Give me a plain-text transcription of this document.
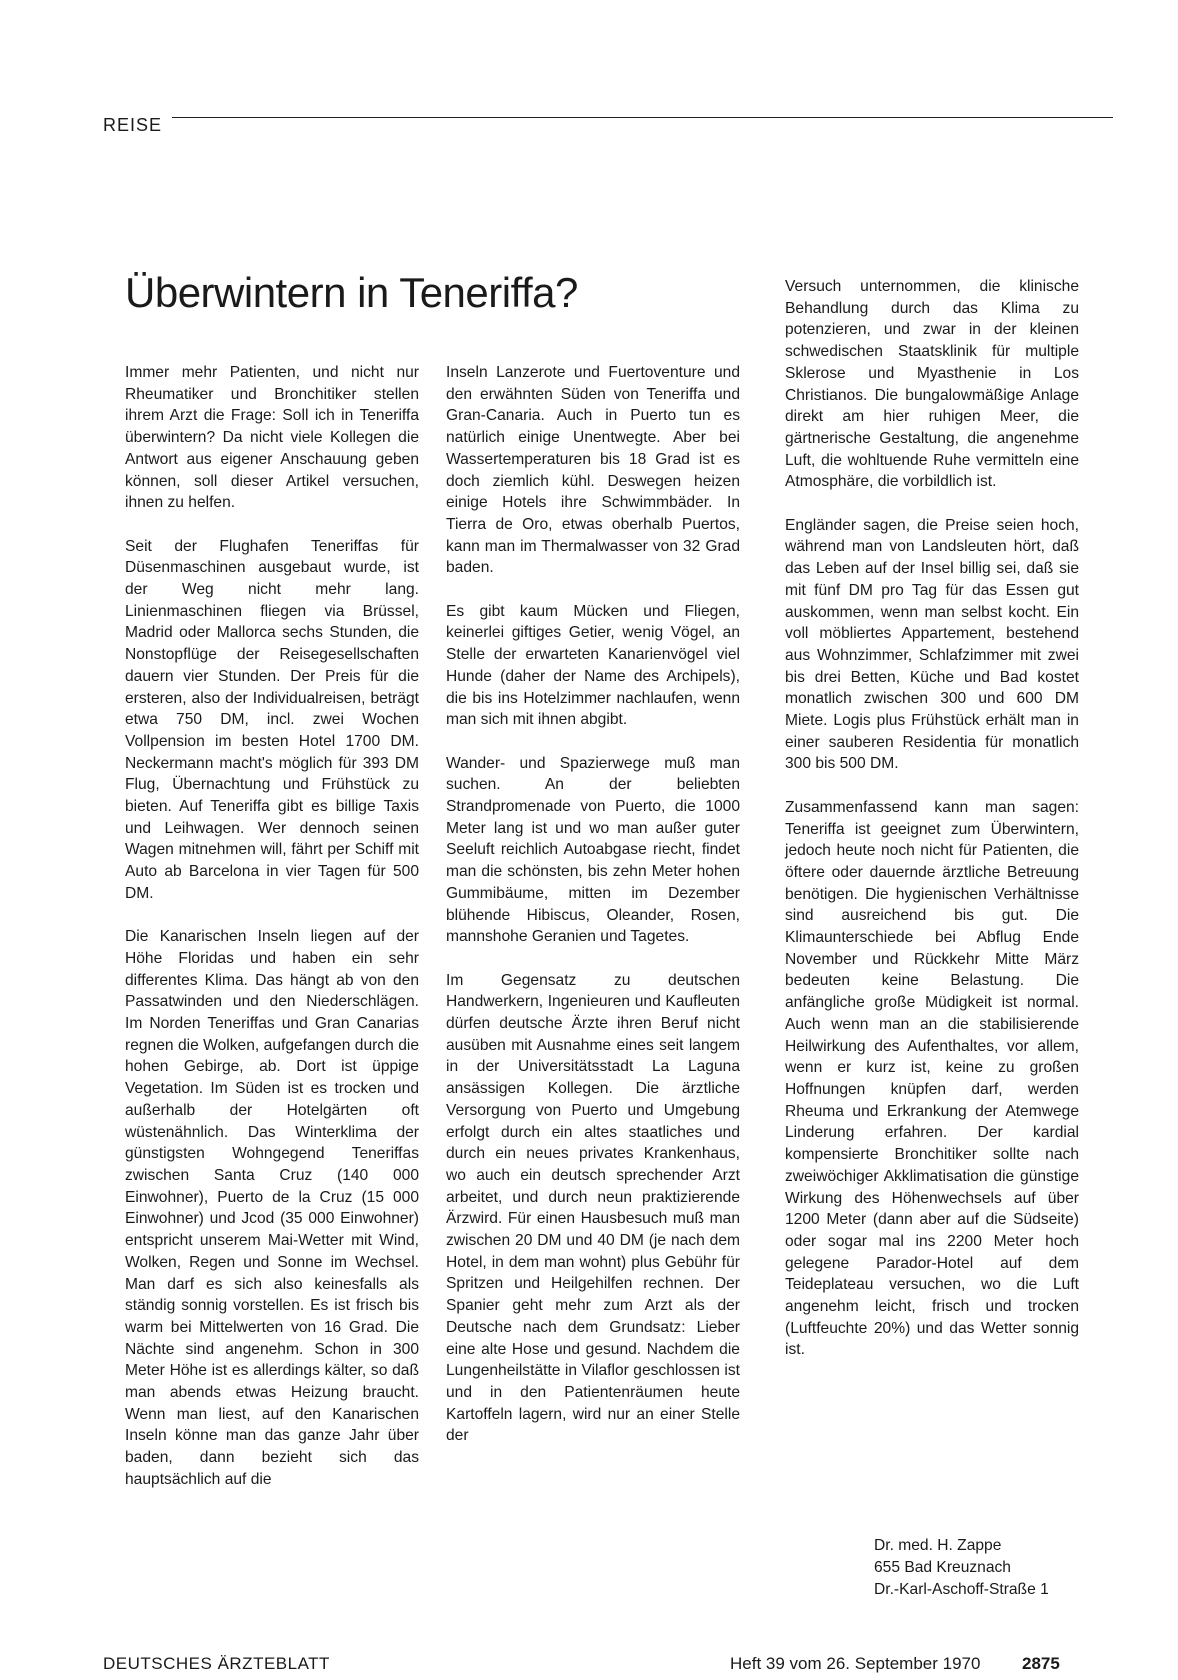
REISE
Überwintern in Teneriffa?

Immer mehr Patienten, und nicht nur Rheumatiker und Bronchitiker stellen ihrem Arzt die Frage: Soll ich in Teneriffa überwintern? Da nicht viele Kollegen die Antwort aus eigener Anschauung geben können, soll dieser Artikel versuchen, ihnen zu helfen.

Seit der Flughafen Teneriffas für Düsenmaschinen ausgebaut wurde, ist der Weg nicht mehr lang. Linienmaschinen fliegen via Brüssel, Madrid oder Mallorca sechs Stunden, die Nonstopflüge der Reisegesellschaften dauern vier Stunden. Der Preis für die ersteren, also der Individualreisen, beträgt etwa 750 DM, incl. zwei Wochen Vollpension im besten Hotel 1700 DM. Neckermann macht's möglich für 393 DM Flug, Übernachtung und Frühstück zu bieten. Auf Teneriffa gibt es billige Taxis und Leihwagen. Wer dennoch seinen Wagen mitnehmen will, fährt per Schiff mit Auto ab Barcelona in vier Tagen für 500 DM.

Die Kanarischen Inseln liegen auf der Höhe Floridas und haben ein sehr differentes Klima. Das hängt ab von den Passatwinden und den Niederschlägen. Im Norden Teneriffas und Gran Canarias regnen die Wolken, aufgefangen durch die hohen Gebirge, ab. Dort ist üppige Vegetation. Im Süden ist es trocken und außerhalb der Hotelgärten oft wüstenähnlich. Das Winterklima der günstigsten Wohngegend Teneriffas zwischen Santa Cruz (140 000 Einwohner), Puerto de la Cruz (15 000 Einwohner) und Jcod (35 000 Einwohner) entspricht unserem Mai-Wetter mit Wind, Wolken, Regen und Sonne im Wechsel. Man darf es sich also keinesfalls als ständig sonnig vorstellen. Es ist frisch bis warm bei Mittelwerten von 16 Grad. Die Nächte sind angenehm. Schon in 300 Meter Höhe ist es allerdings kälter, so daß man abends etwas Heizung braucht. Wenn man liest, auf den Kanarischen Inseln könne man das ganze Jahr über baden, dann bezieht sich das hauptsächlich auf die

Inseln Lanzerote und Fuertoventure und den erwähnten Süden von Teneriffa und Gran-Canaria. Auch in Puerto tun es natürlich einige Unentwegte. Aber bei Wassertemperaturen bis 18 Grad ist es doch ziemlich kühl. Deswegen heizen einige Hotels ihre Schwimmbäder. In Tierra de Oro, etwas oberhalb Puertos, kann man im Thermalwasser von 32 Grad baden.

Es gibt kaum Mücken und Fliegen, keinerlei giftiges Getier, wenig Vögel, an Stelle der erwarteten Kanarienvögel viel Hunde (daher der Name des Archipels), die bis ins Hotelzimmer nachlaufen, wenn man sich mit ihnen abgibt.

Wander- und Spazierwege muß man suchen. An der beliebten Strandpromenade von Puerto, die 1000 Meter lang ist und wo man außer guter Seeluft reichlich Autoabgase riecht, findet man die schönsten, bis zehn Meter hohen Gummibäume, mitten im Dezember blühende Hibiscus, Oleander, Rosen, mannshohe Geranien und Tagetes.

Im Gegensatz zu deutschen Handwerkern, Ingenieuren und Kaufleuten dürfen deutsche Ärzte ihren Beruf nicht ausüben mit Ausnahme eines seit langem in der Universitätsstadt La Laguna ansässigen Kollegen. Die ärztliche Versorgung von Puerto und Umgebung erfolgt durch ein altes staatliches und durch ein neues privates Krankenhaus, wo auch ein deutsch sprechender Arzt arbeitet, und durch neun praktizierende Ärzwird. Für einen Hausbesuch muß man zwischen 20 DM und 40 DM (je nach dem Hotel, in dem man wohnt) plus Gebühr für Spritzen und Heilgehilfen rechnen. Der Spanier geht mehr zum Arzt als der Deutsche nach dem Grundsatz: Lieber eine alte Hose und gesund. Nachdem die Lungenheilstätte in Vilaflor geschlossen ist und in den Patientenräumen heute Kartoffeln lagern, wird nur an einer Stelle der

Versuch unternommen, die klinische Behandlung durch das Klima zu potenzieren, und zwar in der kleinen schwedischen Staatsklinik für multiple Sklerose und Myasthenie in Los Christianos. Die bungalowmäßige Anlage direkt am hier ruhigen Meer, die gärtnerische Gestaltung, die angenehme Luft, die wohltuende Ruhe vermitteln eine Atmosphäre, die vorbildlich ist.

Engländer sagen, die Preise seien hoch, während man von Landsleuten hört, daß das Leben auf der Insel billig sei, daß sie mit fünf DM pro Tag für das Essen gut auskommen, wenn man selbst kocht. Ein voll möbliertes Appartement, bestehend aus Wohnzimmer, Schlafzimmer mit zwei bis drei Betten, Küche und Bad kostet monatlich zwischen 300 und 600 DM Miete. Logis plus Frühstück erhält man in einer sauberen Residentia für monatlich 300 bis 500 DM.

Zusammenfassend kann man sagen: Teneriffa ist geeignet zum Überwintern, jedoch heute noch nicht für Patienten, die öftere oder dauernde ärztliche Betreuung benötigen. Die hygienischen Verhältnisse sind ausreichend bis gut. Die Klimaunterschiede bei Abflug Ende November und Rückkehr Mitte März bedeuten keine Belastung. Die anfängliche große Müdigkeit ist normal. Auch wenn man an die stabilisierende Heilwirkung des Aufenthaltes, vor allem, wenn er kurz ist, keine zu großen Hoffnungen knüpfen darf, werden Rheuma und Erkrankung der Atemwege Linderung erfahren. Der kardial kompensierte Bronchitiker sollte nach zweiwöchiger Akklimatisation die günstige Wirkung des Höhenwechsels auf über 1200 Meter (dann aber auf die Südseite) oder sogar mal ins 2200 Meter hoch gelegene Parador-Hotel auf dem Teideplateau versuchen, wo die Luft angenehm leicht, frisch und trocken (Luftfeuchte 20%) und das Wetter sonnig ist.

Dr. med. H. Zappe
655 Bad Kreuznach
Dr.-Karl-Aschoff-Straße 1
DEUTSCHES ÄRZTEBLATT	Heft 39 vom 26. September 1970 2875
